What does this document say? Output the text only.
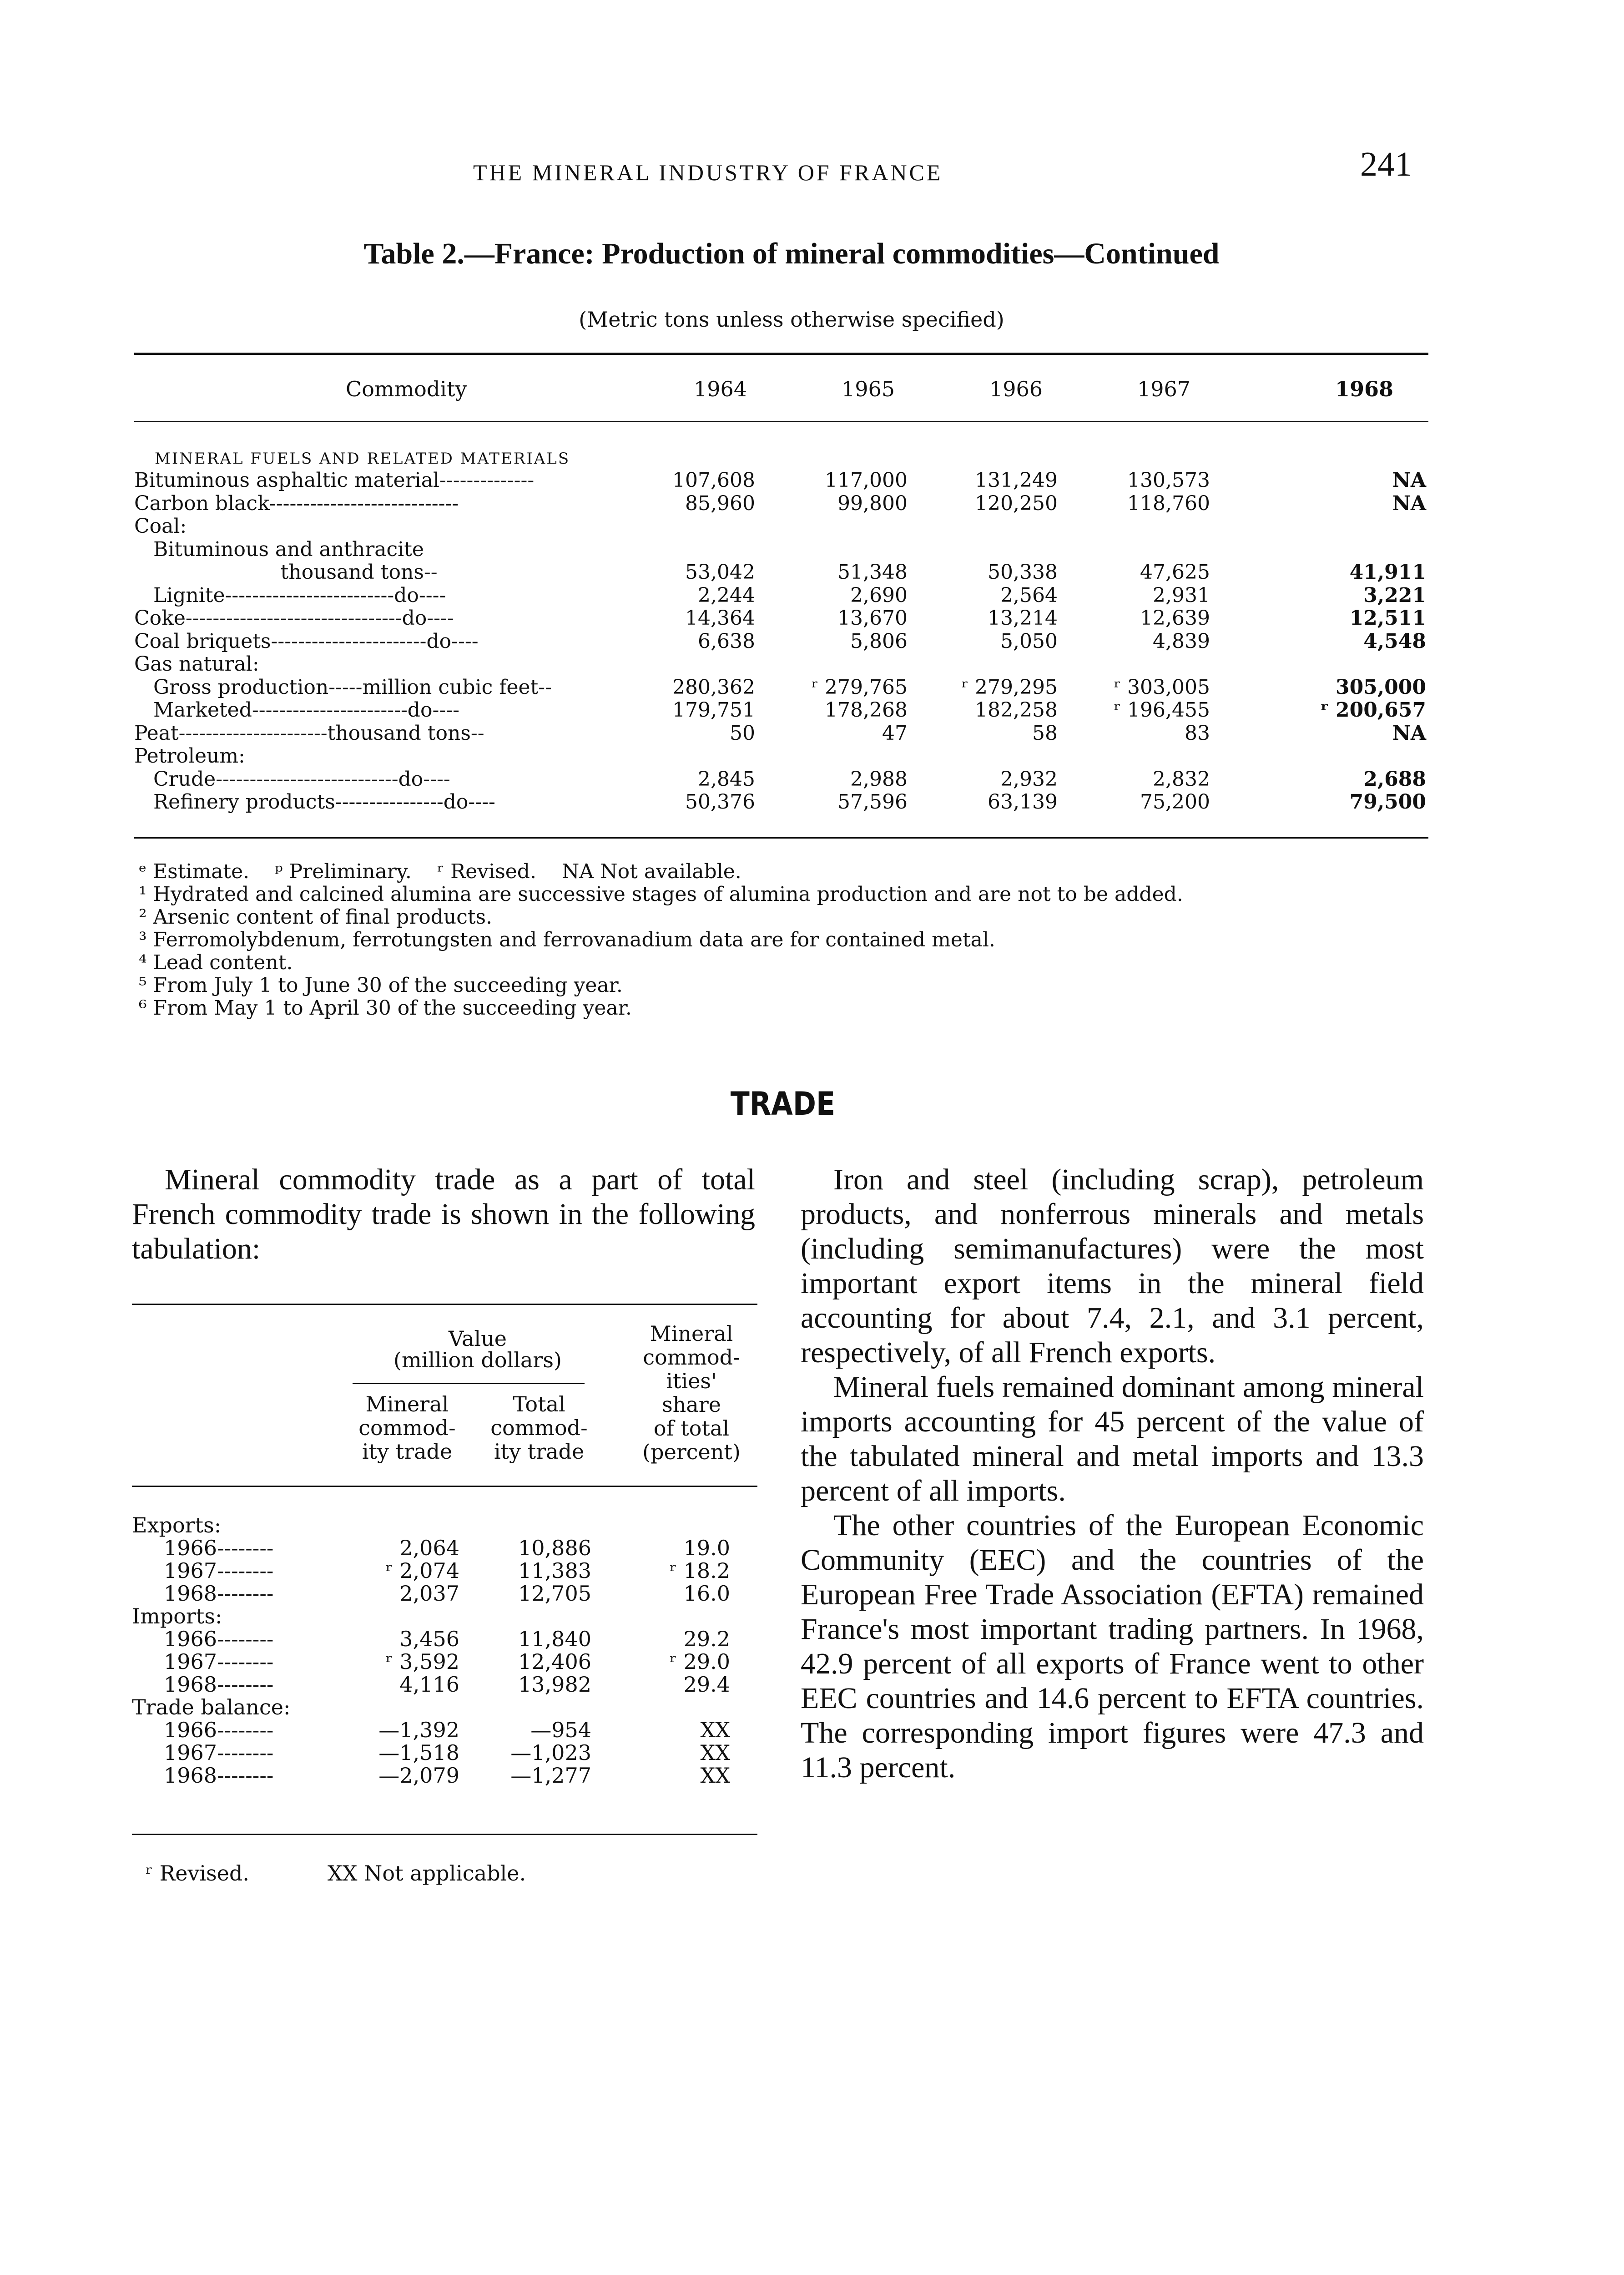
THE MINERAL INDUSTRY OF FRANCE	241
Table 2.—France: Production of mineral commodities—Continued
(Metric tons unless otherwise specified)
Commodity	1964	1965	1966	1967	1968
MINERAL FUELS AND RELATED MATERIALS
Bituminous asphaltic material--------------	107,608	117,000	131,249	130,573	NA
Carbon black----------------------------	85,960	99,800	120,250	118,760	NA
Coal:
Bituminous and anthracite
thousand tons--	53,042	51,348	50,338	47,625	41,911
Lignite-------------------------do----	2,244	2,690	2,564	2,931	3,221
Coke--------------------------------do----	14,364	13,670	13,214	12,639	12,511
Coal briquets-----------------------do----	6,638	5,806	5,050	4,839	4,548
Gas natural:
Gross production-----million cubic feet--	280,362	ʳ 279,765	ʳ 279,295	ʳ 303,005	305,000
Marketed-----------------------do----	179,751	178,268	182,258	ʳ 196,455	ʳ 200,657
Peat----------------------thousand tons--	50	47	58	83	NA
Petroleum:
Crude---------------------------do----	2,845	2,988	2,932	2,832	2,688
Refinery products----------------do----	50,376	57,596	63,139	75,200	79,500
ᵉ Estimate.    ᵖ Preliminary.    ʳ Revised.    NA Not available.
¹ Hydrated and calcined alumina are successive stages of alumina production and are not to be added.
² Arsenic content of final products.
³ Ferromolybdenum, ferrotungsten and ferrovanadium data are for contained metal.
⁴ Lead content.
⁵ From July 1 to June 30 of the succeeding year.
⁶ From May 1 to April 30 of the succeeding year.
TRADE

Mineral commodity trade as a part of total French commodity trade is shown in the following tabulation:

Value
(million dollars)
Mineral
commod-
ity trade
Total
commod-
ity trade
Mineral
commod-
ities'
share
of total
(percent)
Exports:
1966--------	2,064	10,886	19.0
1967--------	ʳ 2,074	11,383	ʳ 18.2
1968--------	2,037	12,705	16.0
Imports:
1966--------	3,456	11,840	29.2
1967--------	ʳ 3,592	12,406	ʳ 29.0
1968--------	4,116	13,982	29.4
Trade balance:
1966--------	—1,392	—954	XX
1967--------	—1,518 —1,023	XX
1968--------	—2,079 —1,277	XX
ʳ Revised.	XX Not applicable.

Iron and steel (including scrap), petroleum products, and nonferrous minerals and metals (including semimanufactures) were the most important export items in the mineral field accounting for about 7.4, 2.1, and 3.1 percent, respectively, of all French exports.

Mineral fuels remained dominant among mineral imports accounting for 45 percent of the value of the tabulated mineral and metal imports and 13.3 percent of all imports.

The other countries of the European Economic Community (EEC) and the countries of the European Free Trade Association (EFTA) remained France's most important trading partners. In 1968, 42.9 percent of all exports of France went to other EEC countries and 14.6 percent to EFTA countries. The corresponding import figures were 47.3 and 11.3 percent.
